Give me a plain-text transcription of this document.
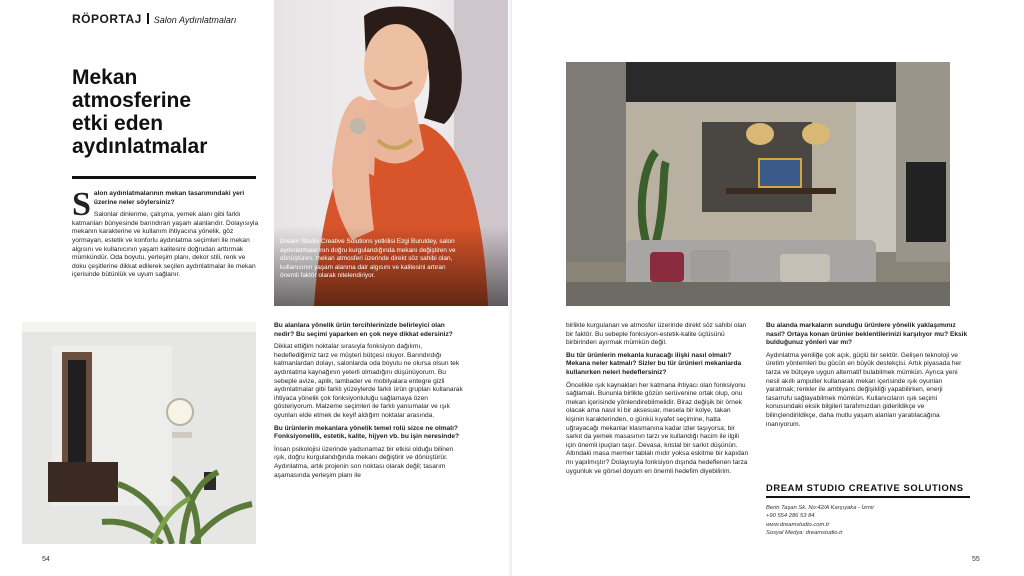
RÖPORTAJ Salon Aydınlatmaları
Mekan
atmosferine
etki eden
aydınlatmalar

Salon aydınlatmalarının mekan tasarımındaki yeri üzerine neler söylersiniz?

Salonlar dinlenme, çalışma, yemek alanı gibi farklı katmanları bünyesinde barındıran yaşam alanlarıdır. Dolayısıyla mekanın karakterine ve kullanım ihtiyacına yönelik, göz yormayan, estetik ve konforlu aydınlatma seçimleri ile mekan algısını ve kullanıcının yaşam kalitesini doğrudan arttırmak mümkündür. Oda boyutu, yerleşim planı, dekor stili, renk ve doku çeşitlerine dikkat edilerek seçilen aydınlatmalar ile mekan içerisinde bütünlük ve uyum sağlanır.

Dream Studio Creative Solutions yetkilisi Ezgi Buruldey, salon aydınlatmalarının doğru kurgulandığında mekanı değiştiren ve dönüştüren, mekan atmosferi üzerinde direkt söz sahibi olan, kullanıcının yaşam alanına dair algısını ve kalitesini artıran önemli faktör olarak nitelendiriyor.

Bu alanlara yönelik ürün tercihlerinizde belirleyici olan nedir? Bu seçimi yaparken en çok neye dikkat edersiniz?

Dikkat ettiğim noktalar sırasıyla fonksiyon dağılımı, hedeflediğimiz tarz ve müşteri bütçesi oluyor. Barındırdığı katmanlardan dolayı, salonlarda oda boyutu ne olursa olsun tek aydınlatma kaynağının yeterli olmadığını düşünüyorum. Bu sebeple avize, aplik, lambader ve mobilyalara entegre gizli aydınlatmalar gibi farklı yüzeylerde farklı ürün grupları kullanarak ihtiyaca yönelik çok fonksiyonluluğu sağlamaya özen gösteriyorum. Malzeme seçimleri ile farklı yansımalar ve ışık oyunları elde etmek de keyif aldığım noktalar arasında.

Bu ürünlerin mekanlara yönelik temel rolü sizce ne olmalı? Fonksiyonellik, estetik, kalite, hijyen vb. bu işin neresinde?

İnsan psikolojisi üzerinde yadsınamaz bir etkisi olduğu bilinen ışık, doğru kurgulandığında mekanı değiştirir ve dönüştürür. Aydınlatma, artık projenin son noktası olarak değil; tasarım aşamasında yerleşim planı ile

54

birlikte kurgulanan ve atmosfer üzerinde direkt söz sahibi olan bir faktör. Bu sebeple fonksiyon-estetik-kalite üçlüsünü birbirinden ayırmak mümkün değil.

Bu tür ürünlerin mekanla kuracağı ilişki nasıl olmalı? Mekana neler katmalı? Sizler bu tür ürünleri mekanlarda kullanırken neleri hedeflersiniz?

Öncelikle ışık kaynakları her katmana ihtiyacı olan fonksiyonu sağlamalı. Bununla birlikte gözün serüvenine ortak olup, onu mekan içerisinde yönlendirebilmelidir. Biraz değişik bir örnek olacak ama nasıl ki bir aksesuar, mesela bir kolye, takan kişinin karakterinden, o günkü kıyafet seçimine, hatta uğrayacağı mekanlar klasmanına kadar izler taşıyorsa; bir sarkıt da yemek masasının tarzı ve kullandığı hacim ile ilgili için önemli ipuçları taşır. Devasa, kristal bir sarkıt düşünün. Altındaki masa mermer tablalı mıdır yoksa eskitme bir kapıdan mı yapılmıştır? Dolayısıyla fonksiyon dışında hedeflenen tarza uygunluk ve görsel doyum en önemli hedefim diyebilirim.

Bu alanda markaların sunduğu ürünlere yönelik yaklaşımınız nasıl? Ortaya konan ürünler beklentilerinizi karşılıyor mu? Eksik bulduğunuz yönleri var mı?

Aydınlatma yeniliğe çok açık, güçlü bir sektör. Gelişen teknoloji ve üretim yöntemleri bu gücün en büyük destekçisi. Artık piyasada her tarza ve bütçeye uygun alternatif bulabilmek mümkün. Ayrıca yeni nesil akıllı ampuller kullanarak mekan içerisinde ışık oyunları yaratmak; renkler ile ambiyans değişikliği yapabilirken, enerji tasarrufu sağlayabilmek mümkün. Kullanıcıların ışık seçimi konusundaki eksik bilgileri tarafımızdan giderildikçe ve bilinçlendirildikçe, daha mutlu yaşam alanları yaratılacağına inanıyorum.

DREAM STUDIO CREATIVE SOLUTIONS
Berin Taşan Sk. No:42/A Karşıyaka - İzmir
+90 554 286 53 84
www.dreamstudio.com.tr
Sosyal Medya: dreamstudio.tr
55
